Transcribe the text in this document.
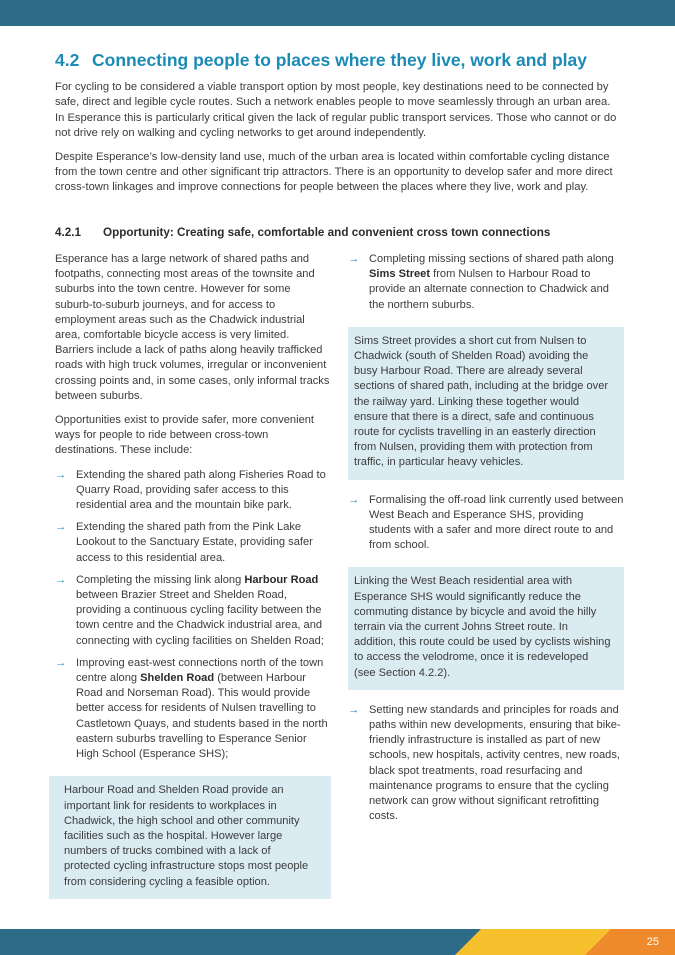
4.2 Connecting people to places where they live, work and play

For cycling to be considered a viable transport option by most people, key destinations need to be connected by safe, direct and legible cycle routes. Such a network enables people to move seamlessly through an urban area. In Esperance this is particularly critical given the lack of regular public transport services. Those who cannot or do not drive rely on walking and cycling networks to get around independently.

Despite Esperance’s low-density land use, much of the urban area is located within comfortable cycling distance from the town centre and other significant trip attractors. There is an opportunity to develop safer and more direct cross-town linkages and improve connections for people between the places where they live, work and play.

4.2.1 Opportunity: Creating safe, comfortable and convenient cross town connections

Esperance has a large network of shared paths and footpaths, connecting most areas of the townsite and suburbs into the town centre. However for some suburb-to-suburb journeys, and for access to employment areas such as the Chadwick industrial area, comfortable bicycle access is very limited. Barriers include a lack of paths along heavily trafficked roads with high truck volumes, irregular or inconvenient crossing points and, in some cases, only informal tracks between suburbs.

Opportunities exist to provide safer, more convenient ways for people to ride between cross-town destinations. These include:

→ Extending the shared path along Fisheries Road to Quarry Road, providing safer access to this residential area and the mountain bike park.
→ Extending the shared path from the Pink Lake Lookout to the Sanctuary Estate, providing safer access to this residential area.
→ Completing the missing link along Harbour Road between Brazier Street and Shelden Road, providing a continuous cycling facility between the town centre and the Chadwick industrial area, and connecting with cycling facilities on Shelden Road;
→ Improving east-west connections north of the town centre along Shelden Road (between Harbour Road and Norseman Road). This would provide better access for residents of Nulsen travelling to Castletown Quays, and students based in the north eastern suburbs travelling to Esperance Senior High School (Esperance SHS);
Harbour Road and Shelden Road provide an important link for residents to workplaces in Chadwick, the high school and other community facilities such as the hospital. However large numbers of trucks combined with a lack of protected cycling infrastructure stops most people from considering cycling a feasible option.
→ Completing missing sections of shared path along Sims Street from Nulsen to Harbour Road to provide an alternate connection to Chadwick and the northern suburbs.
Sims Street provides a short cut from Nulsen to Chadwick (south of Shelden Road) avoiding the busy Harbour Road. There are already several sections of shared path, including at the bridge over the railway yard. Linking these together would ensure that there is a direct, safe and continuous route for cyclists travelling in an easterly direction from Nulsen, providing them with protection from traffic, in particular heavy vehicles.
→ Formalising the off-road link currently used between West Beach and Esperance SHS, providing students with a safer and more direct route to and from school.
Linking the West Beach residential area with Esperance SHS would significantly reduce the commuting distance by bicycle and avoid the hilly terrain via the current Johns Street route. In addition, this route could be used by cyclists wishing to access the velodrome, once it is redeveloped (see Section 4.2.2).
→ Setting new standards and principles for roads and paths within new developments, ensuring that bike-friendly infrastructure is installed as part of new schools, new hospitals, activity centres, new roads, black spot treatments, road resurfacing and maintenance programs to ensure that the cycling network can grow without significant retrofitting costs.
25
